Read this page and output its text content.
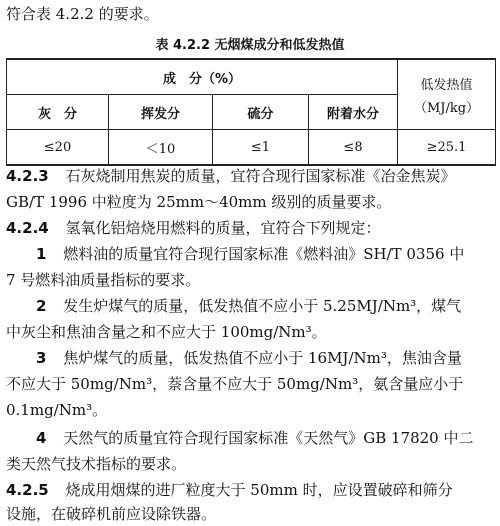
符合表 4.2.2 的要求。
表 4.2.2 无烟煤成分和低发热值
成　分（%）				低发热值
（MJ/kg）

灰　分	挥发分	硫分	附着水分	
≤20	＜10	≤1	≤8	≥25.1
4.2.3 石灰烧制用焦炭的质量，宜符合现行国家标准《冶金焦炭》
GB/T 1996 中粒度为 25mm～40mm 级别的质量要求。
4.2.4 氢氧化铝焙烧用燃料的质量，宜符合下列规定：
1 燃料油的质量宜符合现行国家标准《燃料油》SH/T 0356 中
7 号燃料油质量指标的要求。
2 发生炉煤气的质量，低发热值不应小于 5.25MJ/Nm³，煤气
中灰尘和焦油含量之和不应大于 100mg/Nm³。
3 焦炉煤气的质量，低发热值不应小于 16MJ/Nm³，焦油含量
不应大于 50mg/Nm³，萘含量不应大于 50mg/Nm³，氨含量应小于
0.1mg/Nm³。
4 天然气的质量宜符合现行国家标准《天然气》GB 17820 中二
类天然气技术指标的要求。
4.2.5 烧成用烟煤的进厂粒度大于 50mm 时，应设置破碎和筛分
设施，在破碎机前应设除铁器。
